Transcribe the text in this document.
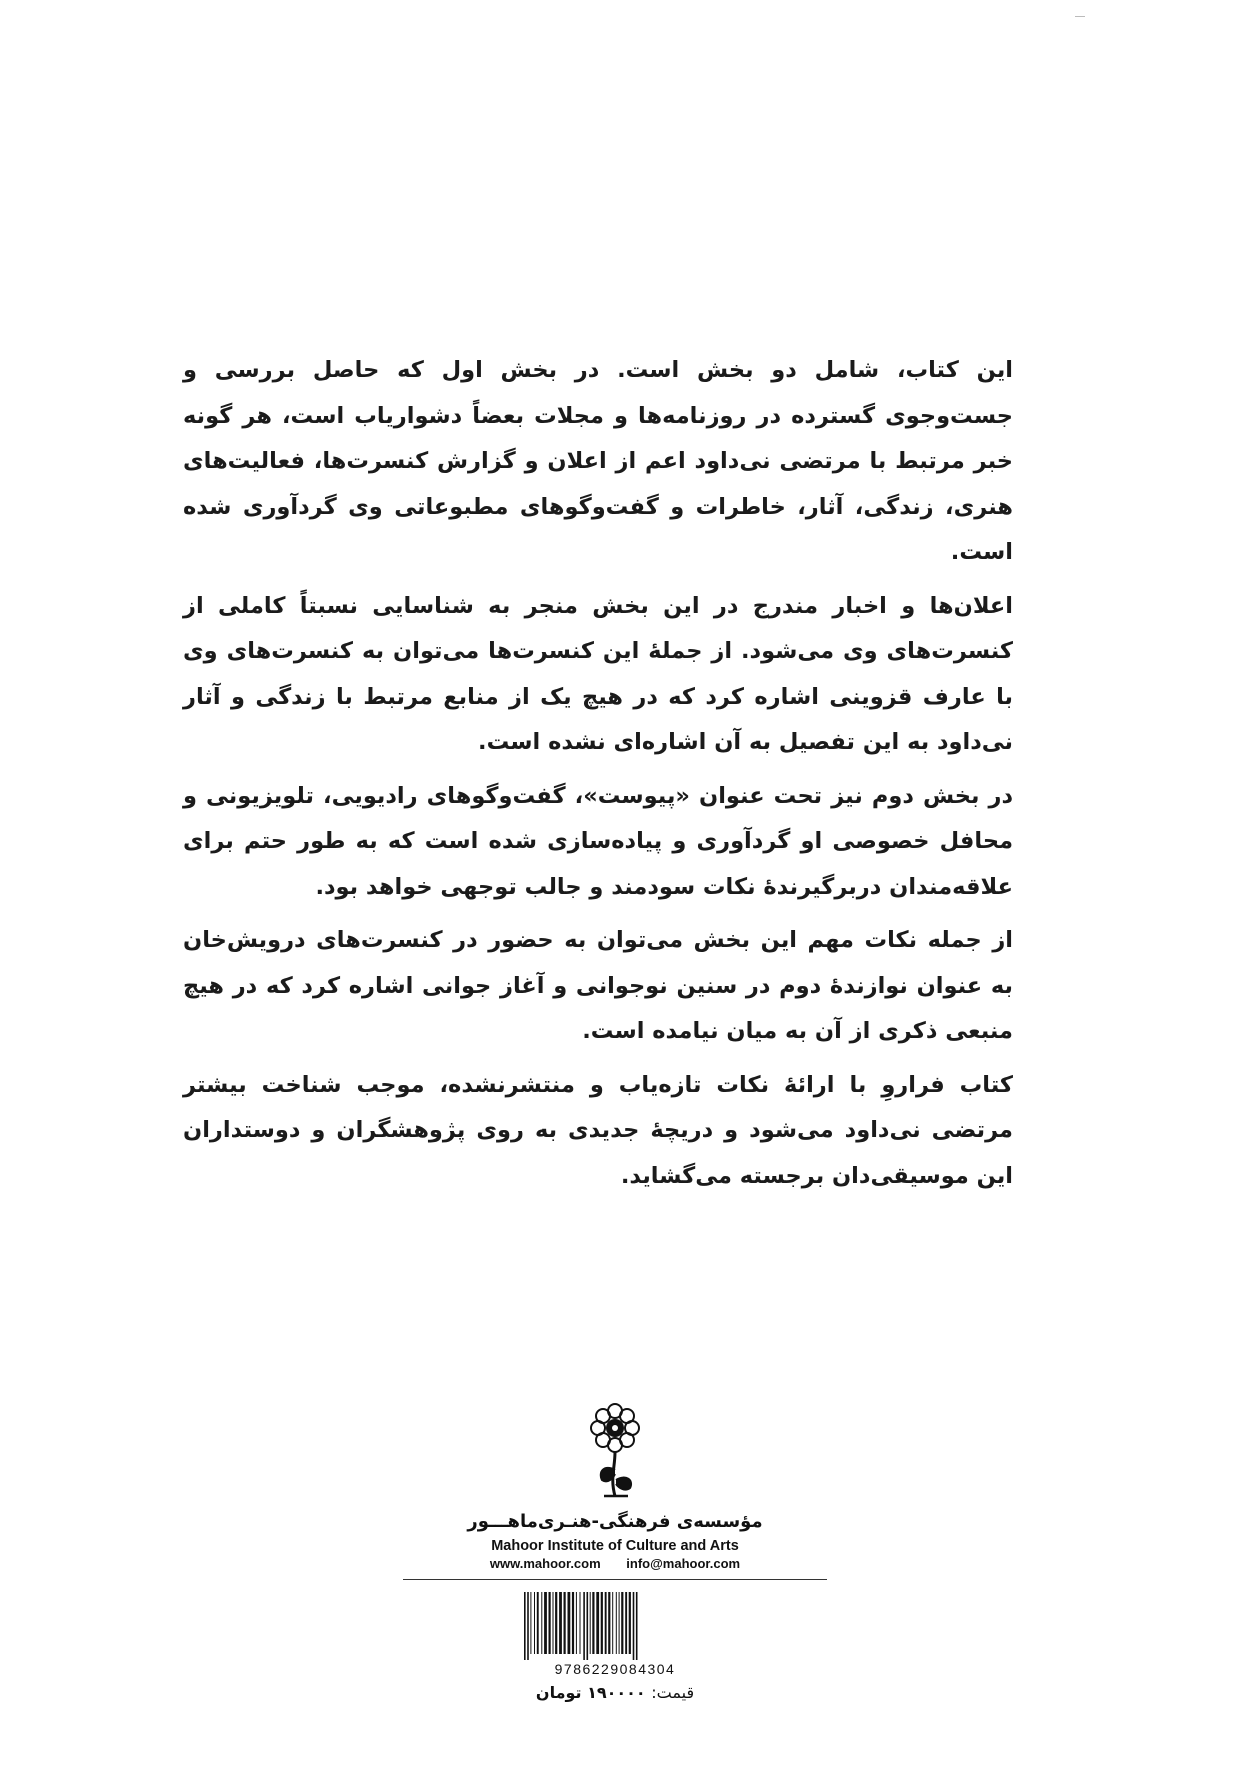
این کتاب، شامل دو بخش است. در بخش اول که حاصل بررسی و جست‌وجوی گسترده در روزنامه‌ها و مجلات بعضاً دشواریاب است، هر گونه خبر مرتبط با مرتضی نی‌داود اعم از اعلان و گزارش کنسرت‌ها، فعالیت‌های هنری، زندگی، آثار، خاطرات و گفت‌وگوهای مطبوعاتی وی گردآوری شده است.

اعلان‌ها و اخبار مندرج در این بخش منجر به شناسایی نسبتاً کاملی از کنسرت‌های وی می‌شود. از جملهٔ این کنسرت‌ها می‌توان به کنسرت‌های وی با عارف قزوینی اشاره کرد که در هیچ یک از منابع مرتبط با زندگی و آثار نی‌داود به این تفصیل به آن اشاره‌ای نشده است.

در بخش دوم نیز تحت عنوان «پیوست»، گفت‌وگوهای رادیویی، تلویزیونی و محافل خصوصی او گردآوری و پیاده‌سازی شده است که به طور حتم برای علاقه‌مندان دربرگیرندهٔ نکات سودمند و جالب توجهی خواهد بود.

از جمله نکات مهم این بخش می‌توان به حضور در کنسرت‌های درویش‌خان به عنوان نوازندهٔ دوم در سنین نوجوانی و آغاز جوانی اشاره کرد که در هیچ منبعی ذکری از آن به میان نیامده است.

کتاب فراروِ با ارائهٔ نکات تازه‌یاب و منتشرنشده، موجب شناخت بیشتر مرتضی نی‌داود می‌شود و دریچهٔ جدیدی به روی پژوهشگران و دوستداران این موسیقی‌دان برجسته می‌گشاید.

مؤسسه‌ی فرهنگی-هنـری‌ماهـــور
Mahoor Institute of Culture and Arts
www.mahoor.com info@mahoor.com
9786229084304
قیمت: ۱۹۰۰۰۰ تومان
